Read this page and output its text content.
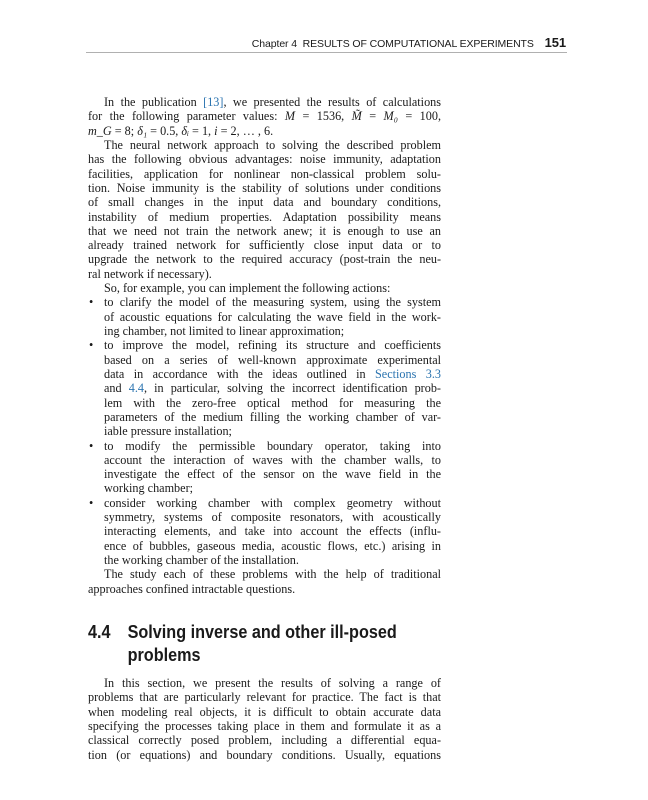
Chapter 4 RESULTS OF COMPUTATIONAL EXPERIMENTS 151
In the publication [13], we presented the results of calculations
for the following parameter values: M = 1536, M̃ = M₀ = 100,
m_G = 8; δ₁ = 0.5, δᵢ = 1, i = 2, … , 6.
The neural network approach to solving the described problem
has the following obvious advantages: noise immunity, adaptation
facilities, application for nonlinear non-classical problem solu-
tion. Noise immunity is the stability of solutions under conditions
of small changes in the input data and boundary conditions,
instability of medium properties. Adaptation possibility means
that we need not train the network anew; it is enough to use an
already trained network for sufficiently close input data or to
upgrade the network to the required accuracy (post-train the neu-
ral network if necessary).
So, for example, you can implement the following actions:
• to clarify the model of the measuring system, using the system
of acoustic equations for calculating the wave field in the work-
ing chamber, not limited to linear approximation;
• to improve the model, refining its structure and coefficients
based on a series of well-known approximate experimental
data in accordance with the ideas outlined in Sections 3.3
and 4.4, in particular, solving the incorrect identification prob-
lem with the zero-free optical method for measuring the
parameters of the medium filling the working chamber of var-
iable pressure installation;
• to modify the permissible boundary operator, taking into
account the interaction of waves with the chamber walls, to
investigate the effect of the sensor on the wave field in the
working chamber;
• consider working chamber with complex geometry without
symmetry, systems of composite resonators, with acoustically
interacting elements, and take into account the effects (influ-
ence of bubbles, gaseous media, acoustic flows, etc.) arising in
the working chamber of the installation.
The study each of these problems with the help of traditional
approaches confined intractable questions.
4.4 Solving inverse and other ill-posed problems
In this section, we present the results of solving a range of
problems that are particularly relevant for practice. The fact is that
when modeling real objects, it is difficult to obtain accurate data
specifying the processes taking place in them and formulate it as a
classical correctly posed problem, including a differential equa-
tion (or equations) and boundary conditions. Usually, equations
